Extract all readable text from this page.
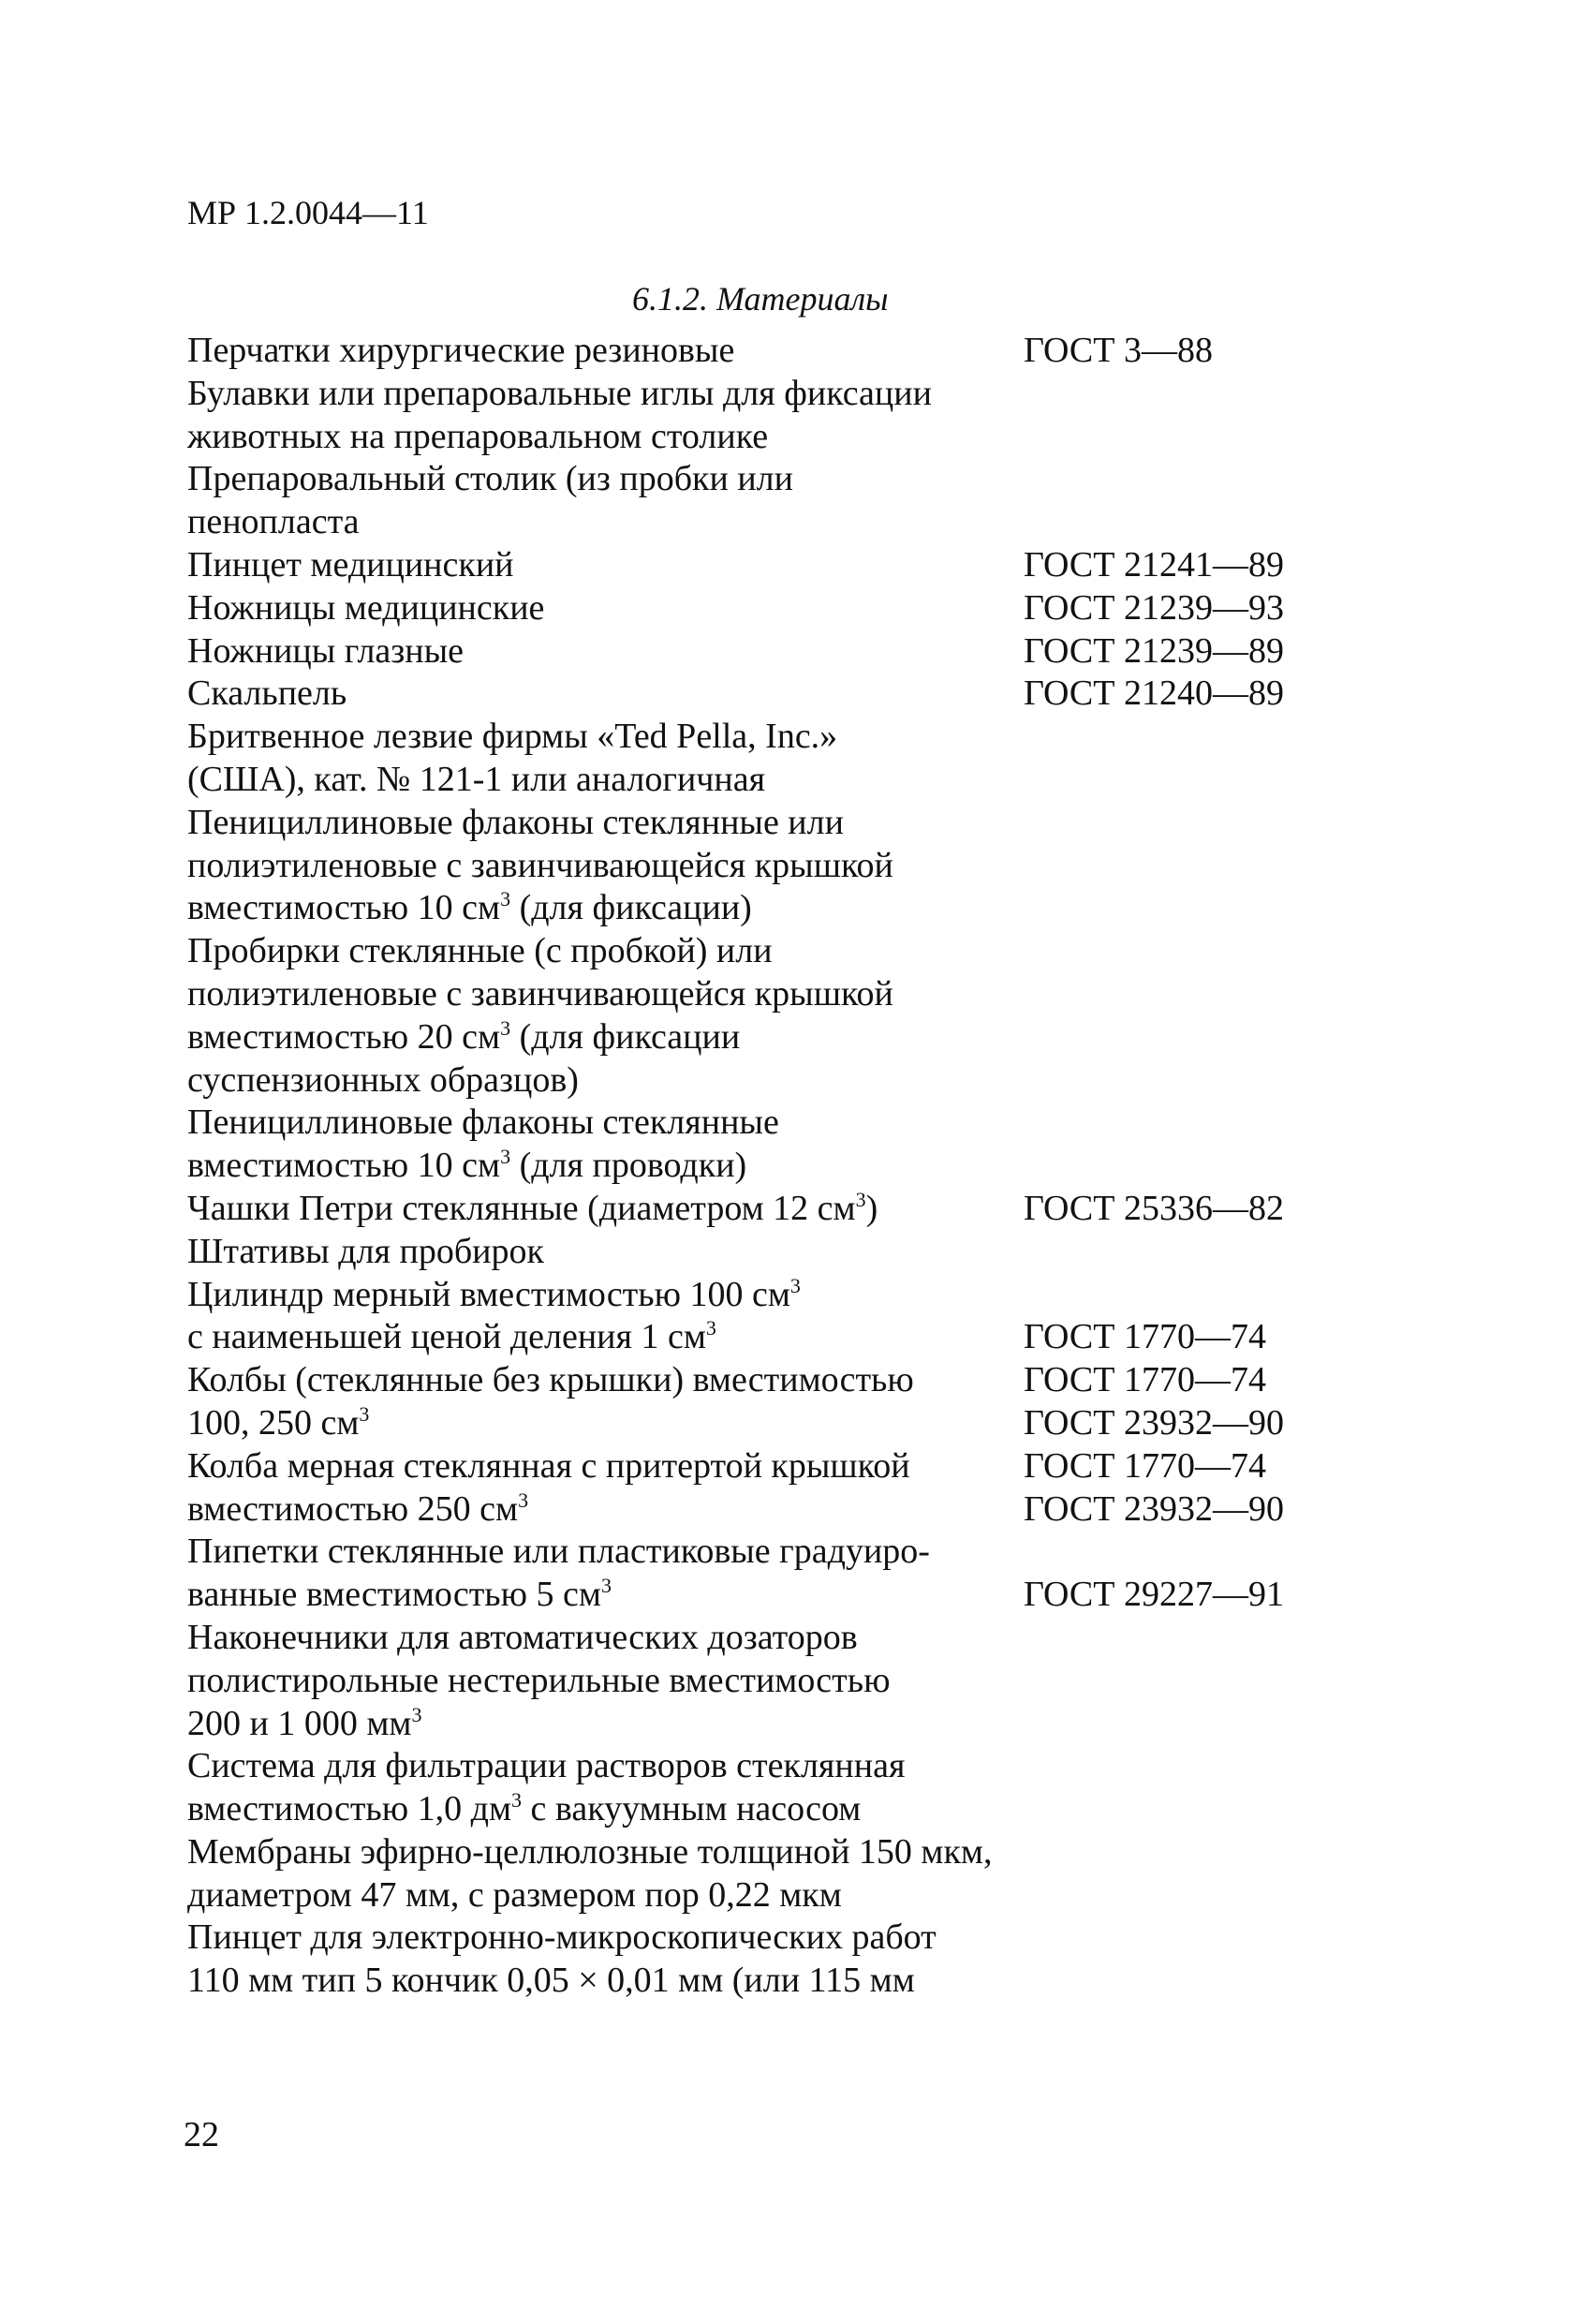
МР 1.2.0044—11
6.1.2. Материалы
Перчатки хирургические резиновые	ГОСТ 3—88
Булавки или препаровальные иглы для фиксации
животных на препаровальном столике
Препаровальный столик (из пробки или
пенопласта
Пинцет медицинский	ГОСТ 21241—89
Ножницы медицинские	ГОСТ 21239—93
Ножницы глазные	ГОСТ 21239—89
Скальпель	ГОСТ 21240—89
Бритвенное лезвие фирмы «Ted Pella, Inc.»
(США), кат. № 121-1 или аналогичная
Пенициллиновые флаконы стеклянные или
полиэтиленовые с завинчивающейся крышкой
вместимостью 10 $см^3$ (для фиксации)
Пробирки стеклянные (с пробкой) или
полиэтиленовые с завинчивающейся крышкой
вместимостью 20 $см^3$ (для фиксации
суспензионных образцов)
Пенициллиновые флаконы стеклянные
вместимостью 10 $см^3$ (для проводки)
Чашки Петри стеклянные (диаметром 12 $см^3$)	ГОСТ 25336—82
Штативы для пробирок
Цилиндр мерный вместимостью 100 $см^3$
с наименьшей ценой деления 1 $см^3$	ГОСТ 1770—74
Колбы (стеклянные без крышки) вместимостью	ГОСТ 1770—74
100, 250 $см^3$	ГОСТ 23932—90
Колба мерная стеклянная с притертой крышкой	ГОСТ 1770—74
вместимостью 250 $см^3$	ГОСТ 23932—90
Пипетки стеклянные или пластиковые градуиро-
ванные вместимостью 5 $см^3$	ГОСТ 29227—91
Наконечники для автоматических дозаторов
полистирольные нестерильные вместимостью
200 и 1 000 $мм^3$
Система для фильтрации растворов стеклянная
вместимостью 1,0 $дм^3$ с вакуумным насосом
Мембраны эфирно-целлюлозные толщиной 150 мкм,
диаметром 47 мм, с размером пор 0,22 мкм
Пинцет для электронно-микроскопических работ
110 мм тип 5 кончик 0,05 × 0,01 мм (или 115 мм
22
